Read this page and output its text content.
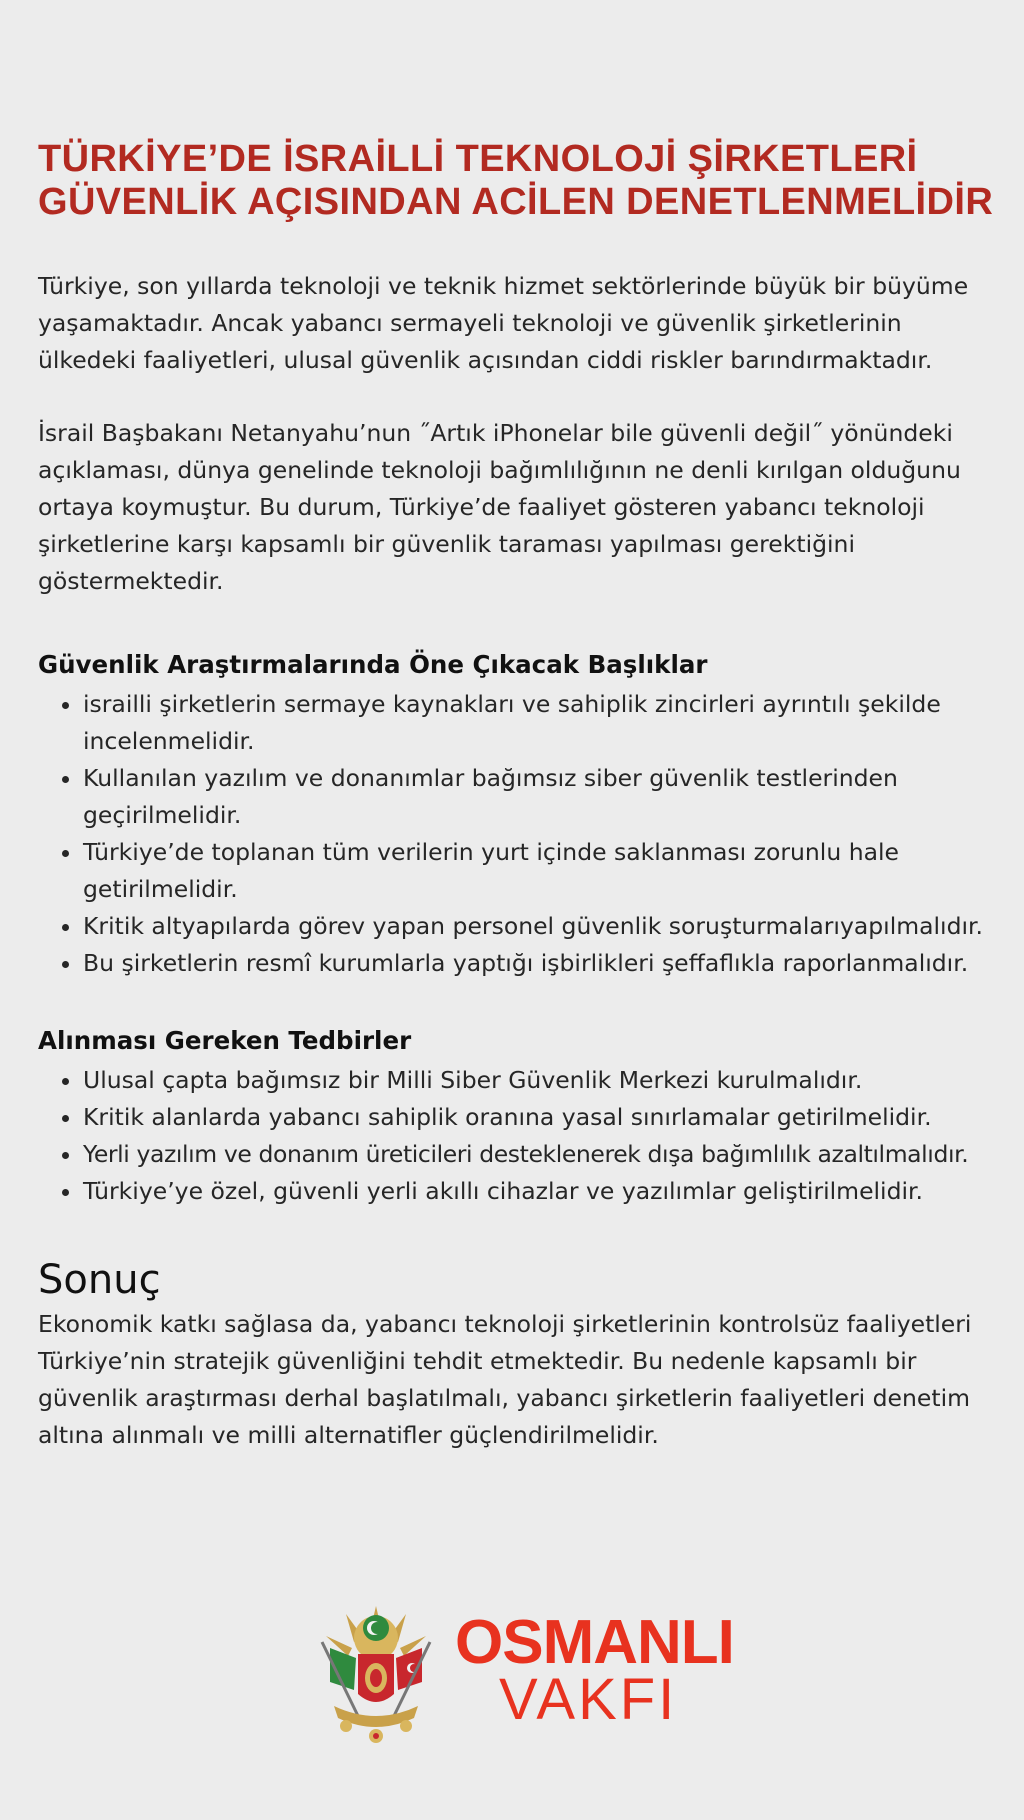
TÜRKİYE’DE İSRAİLLİ TEKNOLOJİ ŞİRKETLERİ
GÜVENLİK AÇISINDAN ACİLEN DENETLENMELİDİR

Türkiye, son yıllarda teknoloji ve teknik hizmet sektörlerinde büyük bir büyüme yaşamaktadır. Ancak yabancı sermayeli teknoloji ve güvenlik şirketlerinin ülkedeki faaliyetleri, ulusal güvenlik açısından ciddi riskler barındırmaktadır.

İsrail Başbakanı Netanyahu’nun ˝Artık iPhonelar bile güvenli değil˝ yönündeki açıklaması, dünya genelinde teknoloji bağımlılığının ne denli kırılgan olduğunu ortaya koymuştur. Bu durum, Türkiye’de faaliyet gösteren yabancı teknoloji şirketlerine karşı kapsamlı bir güvenlik taraması yapılması gerektiğini göstermektedir.

Güvenlik Araştırmalarında Öne Çıkacak Başlıklar
• israilli şirketlerin sermaye kaynakları ve sahiplik zincirleri ayrıntılı şekilde incelenmelidir.
• Kullanılan yazılım ve donanımlar bağımsız siber güvenlik testlerinden geçirilmelidir.
• Türkiye’de toplanan tüm verilerin yurt içinde saklanması zorunlu hale getirilmelidir.
• Kritik altyapılarda görev yapan personel güvenlik soruşturmalarıyapılmalıdır.
• Bu şirketlerin resmî kurumlarla yaptığı işbirlikleri şeffaflıkla raporlanmalıdır.
Alınması Gereken Tedbirler
• Ulusal çapta bağımsız bir Milli Siber Güvenlik Merkezi kurulmalıdır.
• Kritik alanlarda yabancı sahiplik oranına yasal sınırlamalar getirilmelidir.
• Yerli yazılım ve donanım üreticileri desteklenerek dışa bağımlılık azaltılmalıdır.
• Türkiye’ye özel, güvenli yerli akıllı cihazlar ve yazılımlar geliştirilmelidir.
Sonuç

Ekonomik katkı sağlasa da, yabancı teknoloji şirketlerinin kontrolsüz faaliyetleri Türkiye’nin stratejik güvenliğini tehdit etmektedir. Bu nedenle kapsamlı bir güvenlik araştırması derhal başlatılmalı, yabancı şirketlerin faaliyetleri denetim altına alınmalı ve milli alternatifler güçlendirilmelidir.

OSMANLI
VAKFI
